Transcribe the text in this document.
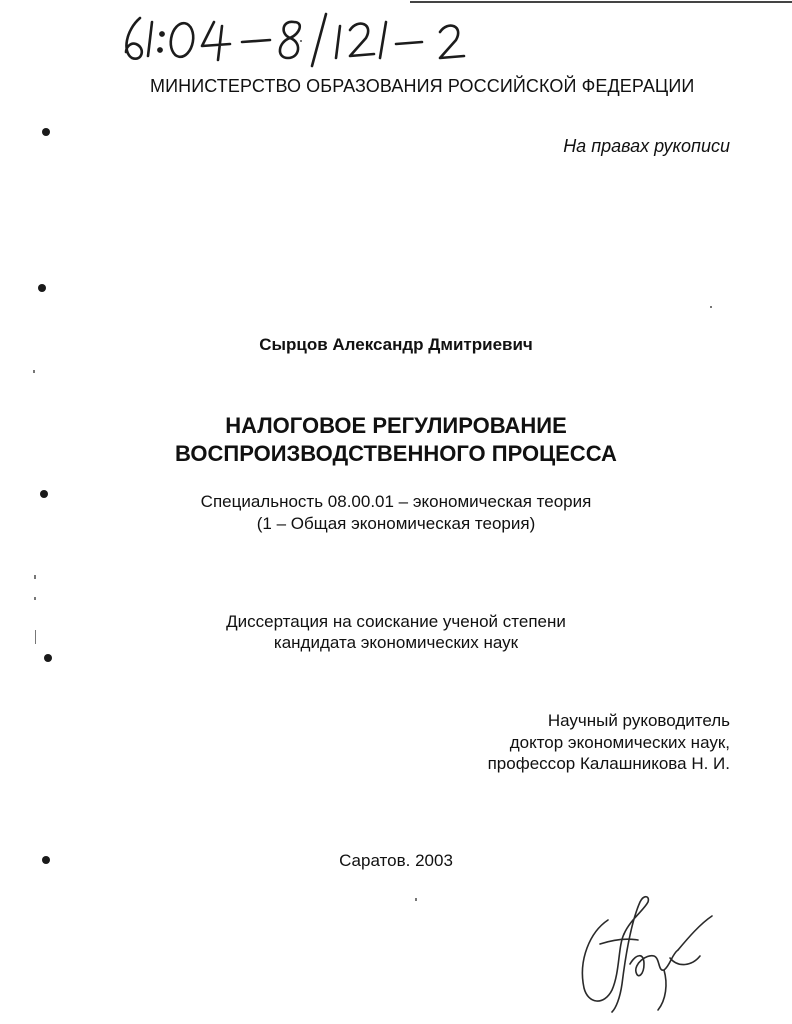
МИНИСТЕРСТВО ОБРАЗОВАНИЯ РОССИЙСКОЙ ФЕДЕРАЦИИ
На правах рукописи
Сырцов Александр Дмитриевич
НАЛОГОВОЕ РЕГУЛИРОВАНИЕ
ВОСПРОИЗВОДСТВЕННОГО ПРОЦЕССА
Специальность 08.00.01 – экономическая теория
(1 – Общая экономическая теория)
Диссертация на соискание ученой степени
кандидата экономических наук
Научный руководитель
доктор экономических наук,
профессор Калашникова Н. И.
Саратов. 2003
